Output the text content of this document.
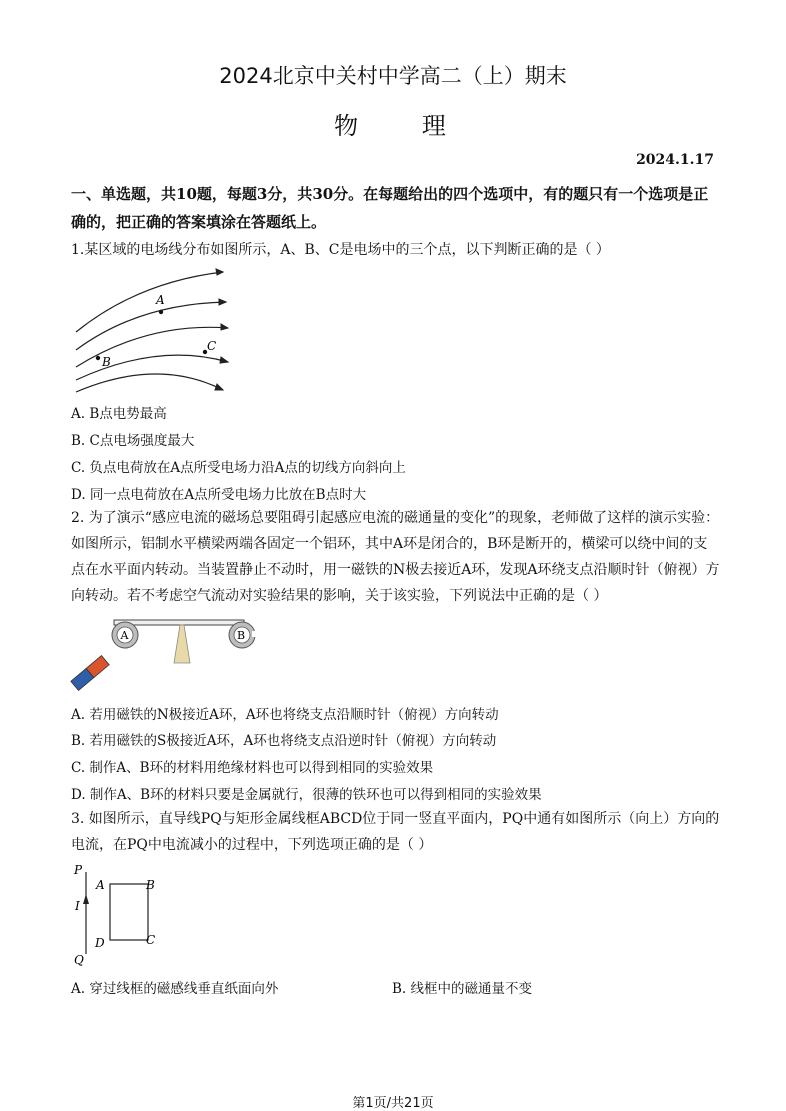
2024北京中关村中学高二（上）期末
物 理
2024.1.17
一、单选题，共10题，每题3分，共30分。在每题给出的四个选项中，有的题只有一个选项是正确的，把正确的答案填涂在答题纸上。
1.某区域的电场线分布如图所示，A、B、C是电场中的三个点，以下判断正确的是（ ）
A
B
C
A. B点电势最高
B. C点电场强度最大
C. 负点电荷放在A点所受电场力沿A点的切线方向斜向上
D. 同一点电荷放在A点所受电场力比放在B点时大
2. 为了演示“感应电流的磁场总要阻碍引起感应电流的磁通量的变化”的现象，老师做了这样的演示实验：如图所示，铝制水平横梁两端各固定一个铝环，其中A环是闭合的，B环是断开的，横梁可以绕中间的支点在水平面内转动。当装置静止不动时，用一磁铁的N极去接近A环，发现A环绕支点沿顺时针（俯视）方向转动。若不考虑空气流动对实验结果的影响，关于该实验，下列说法中正确的是（ ）
A	B
A. 若用磁铁的N极接近A环，A环也将绕支点沿顺时针（俯视）方向转动
B. 若用磁铁的S极接近A环，A环也将绕支点沿逆时针（俯视）方向转动
C. 制作A、B环的材料用绝缘材料也可以得到相同的实验效果
D. 制作A、B环的材料只要是金属就行，很薄的铁环也可以得到相同的实验效果
3. 如图所示，直导线PQ与矩形金属线框ABCD位于同一竖直平面内，PQ中通有如图所示（向上）方向的电流，在PQ中电流减小的过程中，下列选项正确的是（ ）
P
Q
I
A	B
C
D
A. 穿过线框的磁感线垂直纸面向外	B. 线框中的磁通量不变
第1页/共21页
